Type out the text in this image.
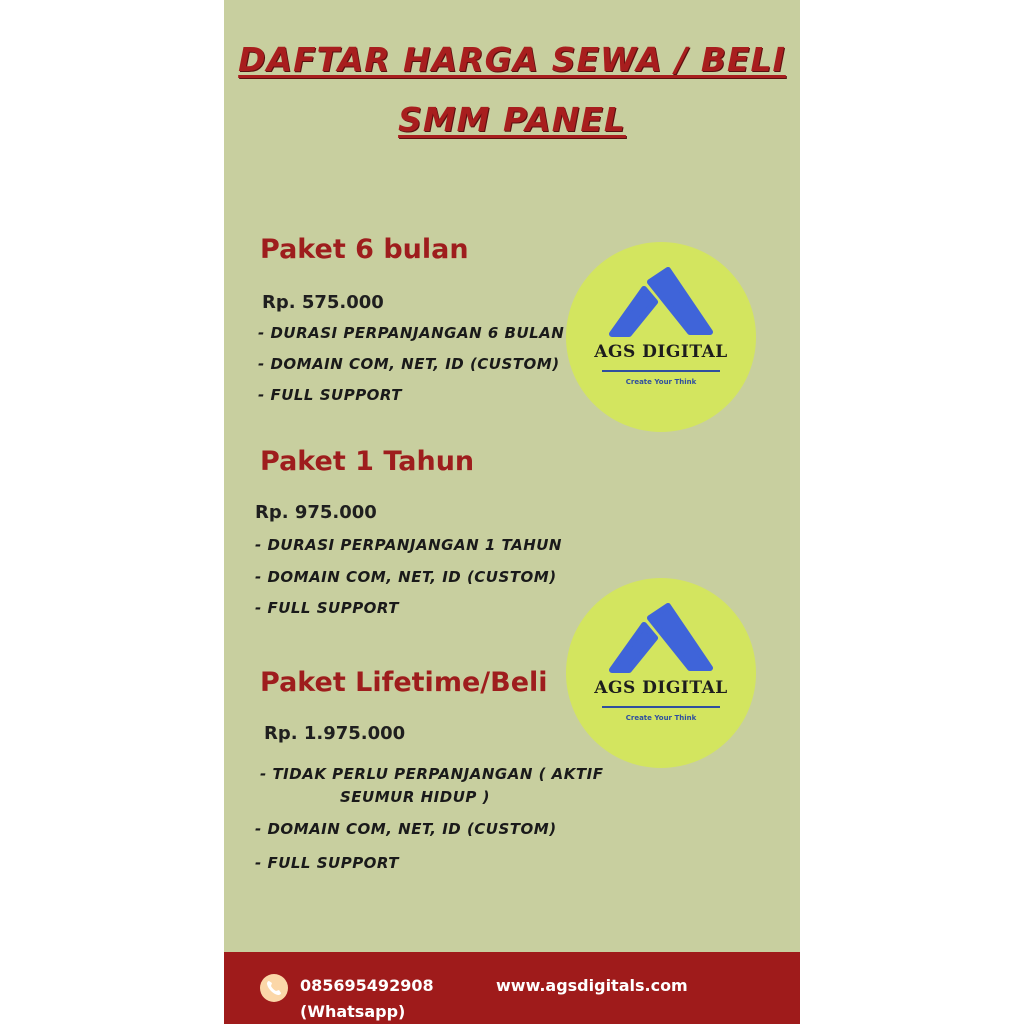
DAFTAR HARGA SEWA / BELI
SMM PANEL
Paket 6 bulan
Rp. 575.000
- DURASI PERPANJANGAN 6 BULAN
- DOMAIN COM, NET, ID (CUSTOM)
- FULL SUPPORT
Paket 1 Tahun
Rp. 975.000
- DURASI PERPANJANGAN 1 TAHUN
- DOMAIN COM, NET, ID (CUSTOM)
- FULL SUPPORT
Paket Lifetime/Beli
Rp. 1.975.000
- TIDAK PERLU PERPANJANGAN ( AKTIF
SEUMUR HIDUP )
- DOMAIN COM, NET, ID (CUSTOM)
- FULL SUPPORT
AGS DIGITAL
Create Your Think
AGS DIGITAL
Create Your Think
085695492908
(Whatsapp)
www.agsdigitals.com
